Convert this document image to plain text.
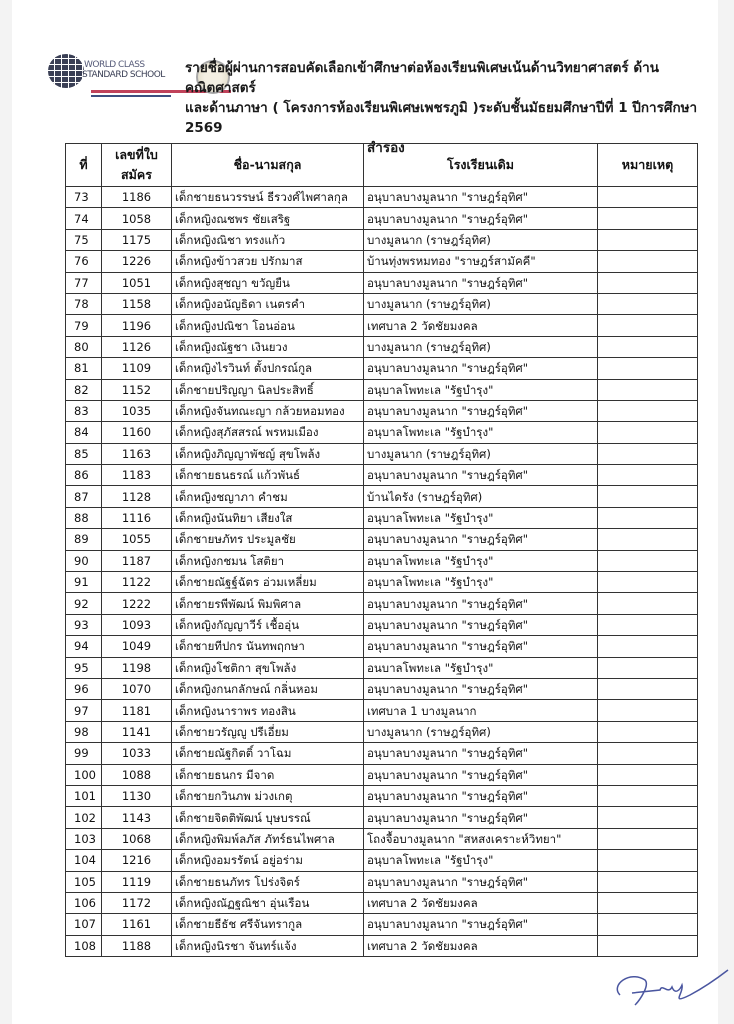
WORLD CLASS
STANDARD SCHOOL รายชื่อผู้ผ่านการสอบคัดเลือกเข้าศึกษาต่อห้องเรียนพิเศษเน้นด้านวิทยาศาสตร์ ด้านคณิตศาสตร์
และด้านภาษา ( โครงการห้องเรียนพิเศษเพชรภูมิ )ระดับชั้นมัธยมศึกษาปีที่ 1 ปีการศึกษา 2569

สำรอง
ที่	เลขที่ใบสมัคร	ชื่อ-นามสกุล	โรงเรียนเดิม	หมายเหตุ
73	1186	เด็กชายธนวรรษน์ ธีรวงศ์ไพศาลกุล	อนุบาลบางมูลนาก "ราษฎร์อุทิศ"	
74	1058	เด็กหญิงณชพร ชัยเสริฐ	อนุบาลบางมูลนาก "ราษฎร์อุทิศ"	
75	1175	เด็กหญิงณิชา ทรงแก้ว	บางมูลนาก (ราษฎร์อุทิศ)	
76	1226	เด็กหญิงข้าวสวย ปรักมาส	บ้านทุ่งพรหมทอง "ราษฎร์สามัคคี"	
77	1051	เด็กหญิงสุชญา ขวัญยืน	อนุบาลบางมูลนาก "ราษฎร์อุทิศ"	
78	1158	เด็กหญิงอนัญธิดา เนตรคำ	บางมูลนาก (ราษฎร์อุทิศ)	
79	1196	เด็กหญิงปณิชา โอนอ่อน	เทศบาล 2 วัดชัยมงคล	
80	1126	เด็กหญิงณัฐชา เงินยวง	บางมูลนาก (ราษฎร์อุทิศ)	
81	1109	เด็กหญิงไรวินท์ ตั้งปกรณ์กูล	อนุบาลบางมูลนาก "ราษฎร์อุทิศ"	
82	1152	เด็กชายปริญญา นิลประสิทธิ์	อนุบาลโพทะเล "รัฐบำรุง"	
83	1035	เด็กหญิงจันทณะญา กล้วยหอมทอง	อนุบาลบางมูลนาก "ราษฎร์อุทิศ"	
84	1160	เด็กหญิงสุภัสสรณ์ พรหมเมือง	อนุบาลโพทะเล "รัฐบำรุง"	
85	1163	เด็กหญิงภิญญาพัชญ์ สุขโพล้ง	บางมูลนาก (ราษฎร์อุทิศ)	
86	1183	เด็กชายธนธรณ์ แก้วพันธ์	อนุบาลบางมูลนาก "ราษฎร์อุทิศ"	
87	1128	เด็กหญิงชญาภา คำชม	บ้านไดรัง (ราษฎร์อุทิศ)	
88	1116	เด็กหญิงนันทิยา เสียงใส	อนุบาลโพทะเล "รัฐบำรุง"	
89	1055	เด็กชายษภัทร ประมูลชัย	อนุบาลบางมูลนาก "ราษฎร์อุทิศ"	
90	1187	เด็กหญิงกชมน โสติยา	อนุบาลโพทะเล "รัฐบำรุง"	
91	1122	เด็กชายณัฐฐ์ฉัตร อ่วมเหลี่ยม	อนุบาลโพทะเล "รัฐบำรุง"	
92	1222	เด็กชายรพีพัฒน์ พิมพิศาล	อนุบาลบางมูลนาก "ราษฎร์อุทิศ"	
93	1093	เด็กหญิงกัญญาวีร์ เชื้ออุ่น	อนุบาลบางมูลนาก "ราษฎร์อุทิศ"	
94	1049	เด็กชายทีปกร นันทพฤกษา	อนุบาลบางมูลนาก "ราษฎร์อุทิศ"	
95	1198	เด็กหญิงโชติกา สุขโพล้ง	อนบาลโพทะเล "รัฐบำรุง"	
96	1070	เด็กหญิงกนกลักษณ์ กลิ่นหอม	อนุบาลบางมูลนาก "ราษฎร์อุทิศ"	
97	1181	เด็กหญิงนาราพร ทองสิน	เทศบาล 1 บางมูลนาก	
98	1141	เด็กชายวรัญญู ปรีเอี่ยม	บางมูลนาก (ราษฎร์อุทิศ)	
99	1033	เด็กชายณัฐกิตติ์ วาโฉม	อนุบาลบางมูลนาก "ราษฎร์อุทิศ"	
100	1088	เด็กชายธนกร มีจาด	อนุบาลบางมูลนาก "ราษฎร์อุทิศ"	
101	1130	เด็กชายกวินภพ ม่วงเกตุ	อนุบาลบางมูลนาก "ราษฎร์อุทิศ"	
102	1143	เด็กชายจิตติพัฒน์ บุษบรรณ์	อนุบาลบางมูลนาก "ราษฎร์อุทิศ"	
103	1068	เด็กหญิงพิมพ์ลภัส ภัทร์ธนไพศาล	โถงจื้อบางมูลนาก "สหสงเคราะห์วิทยา"	
104	1216	เด็กหญิงอมรรัตน์ อยู่อร่าม	อนุบาลโพทะเล "รัฐบำรุง"	
105	1119	เด็กชายธนภัทร โปร่งจิตร์	อนุบาลบางมูลนาก "ราษฎร์อุทิศ"	
106	1172	เด็กหญิงณัฏฐณิชา อุ่นเรือน	เทศบาล 2 วัดชัยมงคล	
107	1161	เด็กชายธีธัช ศรีจันทรากูล	อนุบาลบางมูลนาก "ราษฎร์อุทิศ"	
108	1188	เด็กหญิงนิรชา จันทร์แจ้ง	เทศบาล 2 วัดชัยมงคล	
